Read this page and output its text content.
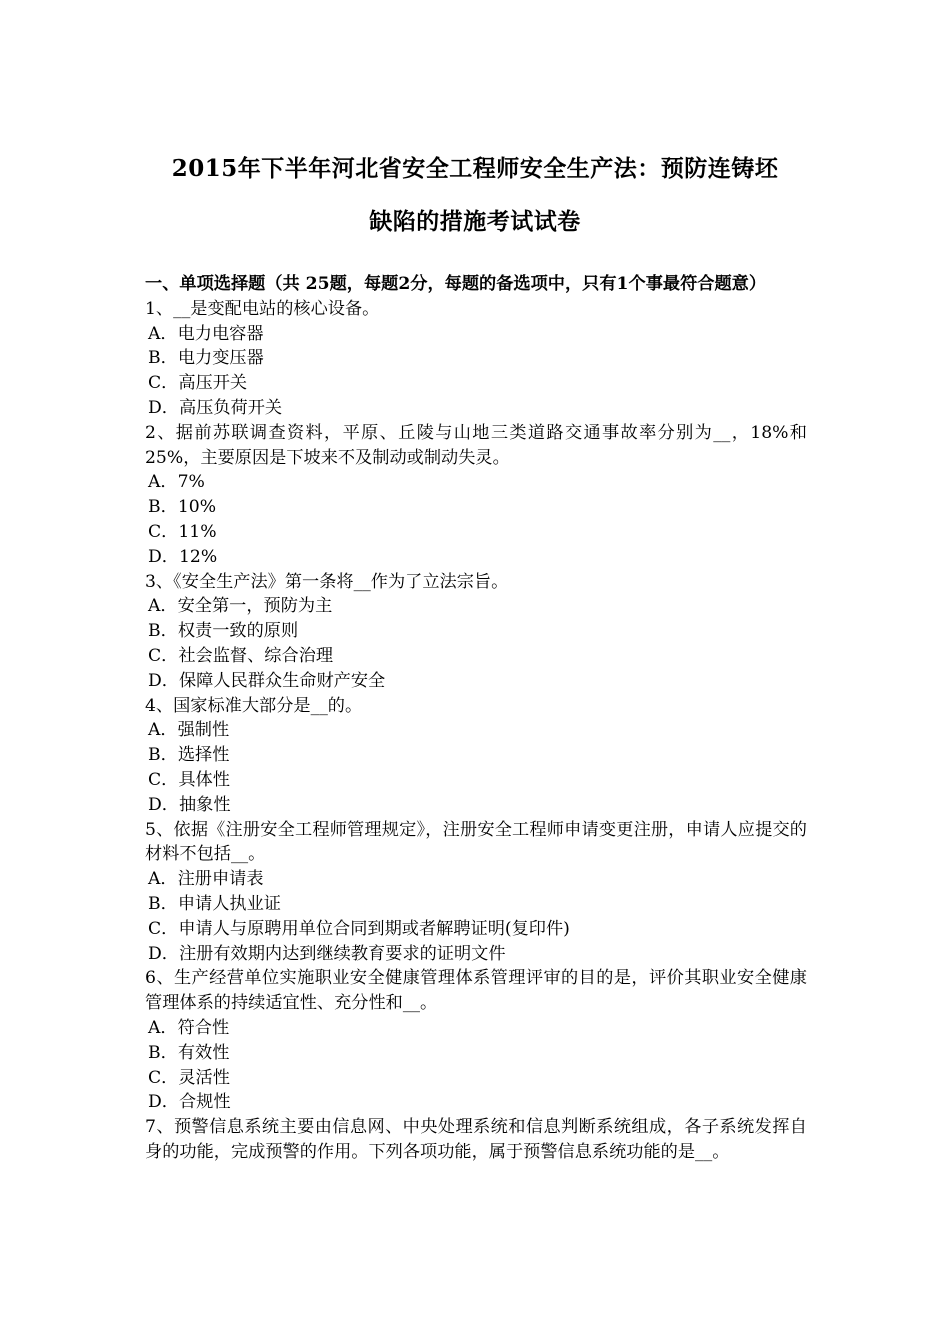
2015年下半年河北省安全工程师安全生产法：预防连铸坯
缺陷的措施考试试卷

一、单项选择题（共 25题，每题2分，每题的备选项中，只有1个事最符合题意）

1、__是变配电站的核心设备。

A．电力电容器

B．电力变压器

C．高压开关

D．高压负荷开关

2、据前苏联调查资料，平原、丘陵与山地三类道路交通事故率分别为__，18%和25%，主要原因是下坡来不及制动或制动失灵。

A．7%

B．10%

C．11%

D．12%

3、《安全生产法》第一条将__作为了立法宗旨。

A．安全第一，预防为主

B．权责一致的原则

C．社会监督、综合治理

D．保障人民群众生命财产安全

4、国家标准大部分是__的。

A．强制性

B．选择性

C．具体性

D．抽象性

5、依据《注册安全工程师管理规定》，注册安全工程师申请变更注册，申请人应提交的材料不包括__。

A．注册申请表

B．申请人执业证

C．申请人与原聘用单位合同到期或者解聘证明(复印件)

D．注册有效期内达到继续教育要求的证明文件

6、生产经营单位实施职业安全健康管理体系管理评审的目的是，评价其职业安全健康管理体系的持续适宜性、充分性和__。

A．符合性

B．有效性

C．灵活性

D．合规性

7、预警信息系统主要由信息网、中央处理系统和信息判断系统组成，各子系统发挥自身的功能，完成预警的作用。下列各项功能，属于预警信息系统功能的是__。
